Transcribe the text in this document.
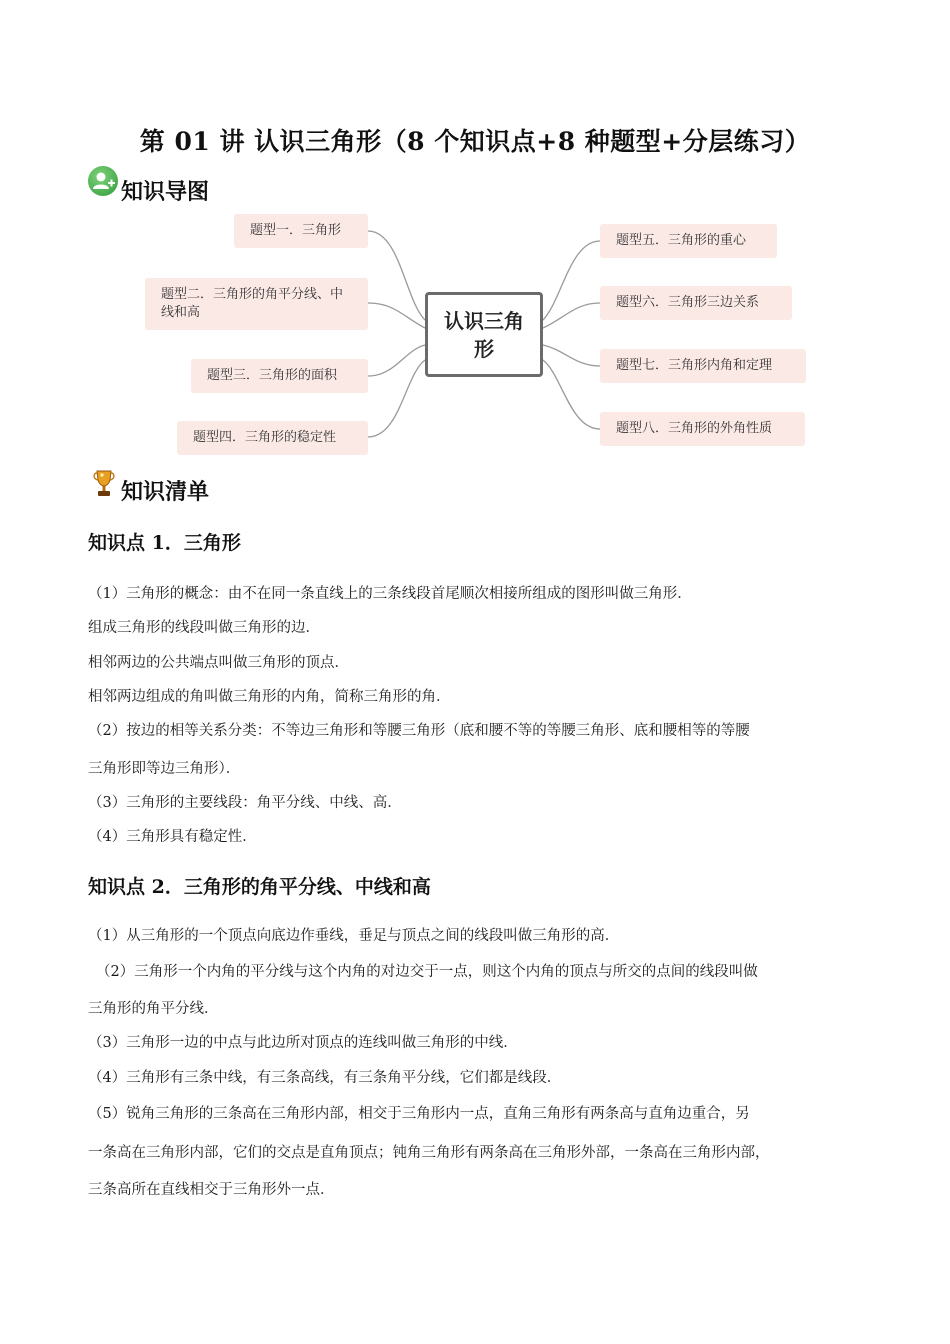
第 01 讲 认识三角形（8 个知识点+8 种题型+分层练习）
知识导图
认识三角形
题型一．三角形
题型二．三角形的角平分线、中线和高
题型三．三角形的面积
题型四．三角形的稳定性
题型五．三角形的重心
题型六．三角形三边关系
题型七．三角形内角和定理
题型八．三角形的外角性质
知识清单
知识点 1．三角形
（1）三角形的概念：由不在同一条直线上的三条线段首尾顺次相接所组成的图形叫做三角形．
组成三角形的线段叫做三角形的边．
相邻两边的公共端点叫做三角形的顶点．
相邻两边组成的角叫做三角形的内角，简称三角形的角．
（2）按边的相等关系分类：不等边三角形和等腰三角形（底和腰不等的等腰三角形、底和腰相等的等腰
三角形即等边三角形）．
（3）三角形的主要线段：角平分线、中线、高．
（4）三角形具有稳定性．
知识点 2．三角形的角平分线、中线和高
（1）从三角形的一个顶点向底边作垂线，垂足与顶点之间的线段叫做三角形的高．
（2）三角形一个内角的平分线与这个内角的对边交于一点，则这个内角的顶点与所交的点间的线段叫做
三角形的角平分线．
（3）三角形一边的中点与此边所对顶点的连线叫做三角形的中线．
（4）三角形有三条中线，有三条高线，有三条角平分线，它们都是线段．
（5）锐角三角形的三条高在三角形内部，相交于三角形内一点，直角三角形有两条高与直角边重合，另
一条高在三角形内部，它们的交点是直角顶点；钝角三角形有两条高在三角形外部，一条高在三角形内部，
三条高所在直线相交于三角形外一点．
